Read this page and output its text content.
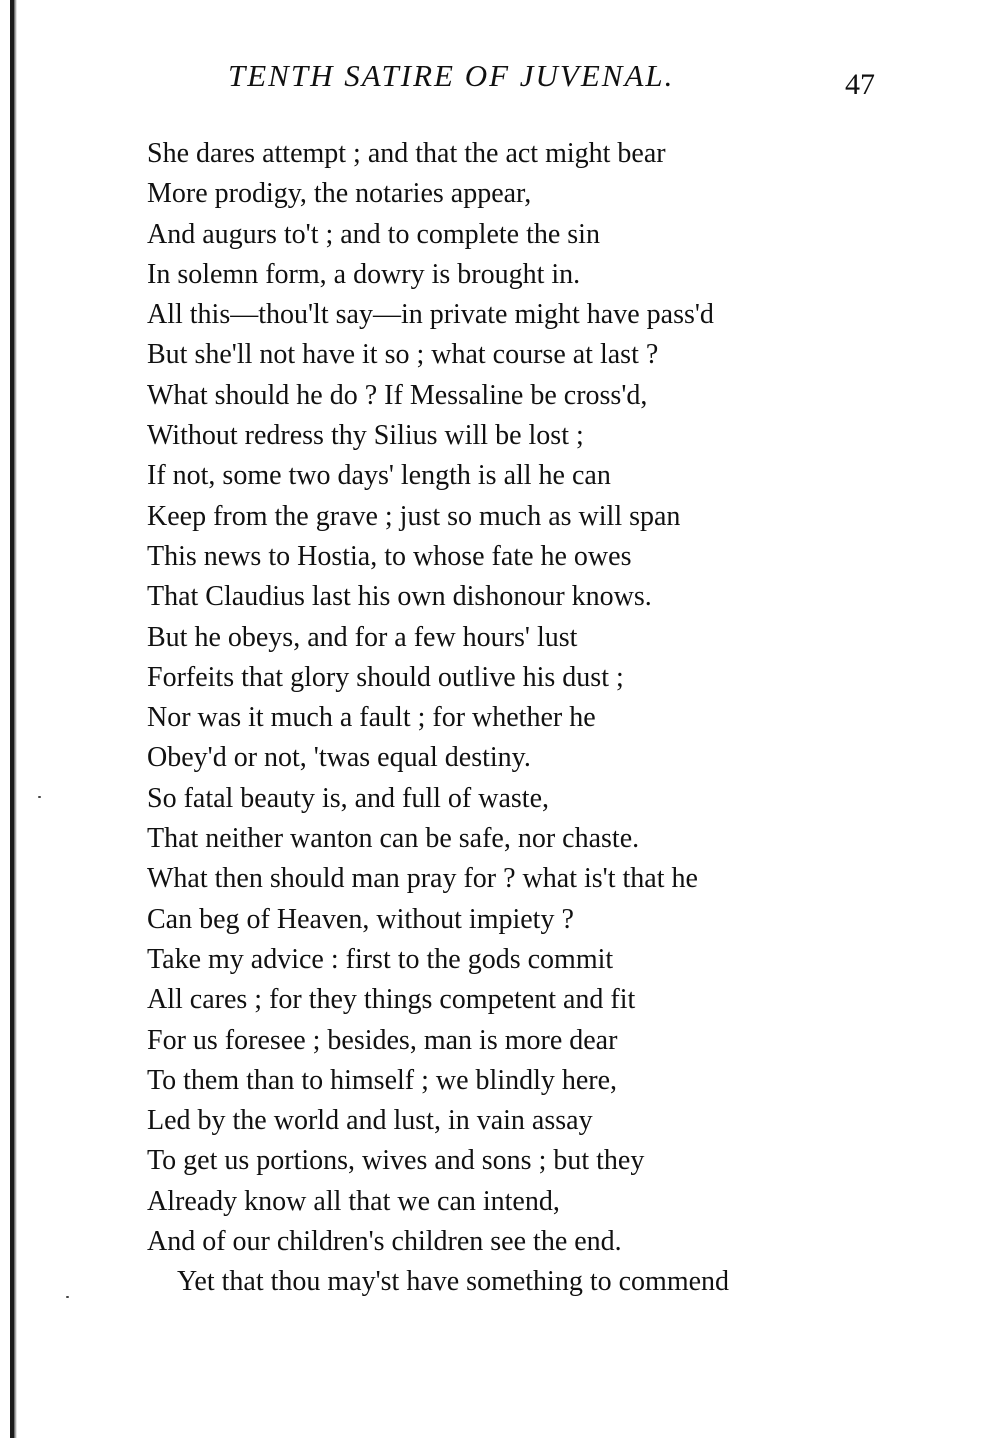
TENTH SATIRE OF JUVENAL.	47
She dares attempt ; and that the act might bear
More prodigy, the notaries appear,
And augurs to't ; and to complete the sin
In solemn form, a dowry is brought in.
All this—thou'lt say—in private might have pass'd
But she'll not have it so ; what course at last ?
What should he do ? If Messaline be cross'd,
Without redress thy Silius will be lost ;
If not, some two days' length is all he can
Keep from the grave ; just so much as will span
This news to Hostia, to whose fate he owes
That Claudius last his own dishonour knows.
But he obeys, and for a few hours' lust
Forfeits that glory should outlive his dust ;
Nor was it much a fault ; for whether he
Obey'd or not, 'twas equal destiny.
So fatal beauty is, and full of waste,
That neither wanton can be safe, nor chaste.
What then should man pray for ? what is't that he
Can beg of Heaven, without impiety ?
Take my advice : first to the gods commit
All cares ; for they things competent and fit
For us foresee ; besides, man is more dear
To them than to himself ; we blindly here,
Led by the world and lust, in vain assay
To get us portions, wives and sons ; but they
Already know all that we can intend,
And of our children's children see the end.
Yet that thou may'st have something to commend
